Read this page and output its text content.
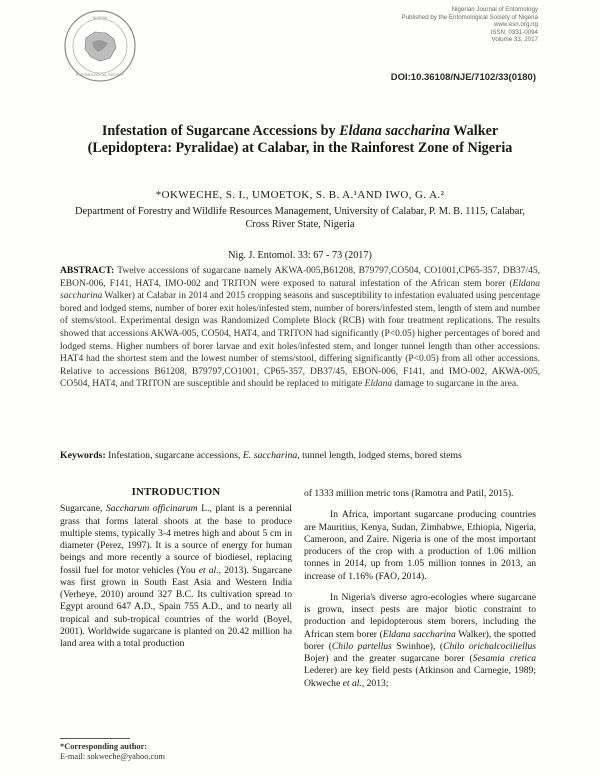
ENTOMOLOGICAL SOCIETY
NIGERIA
Nigerian Journal of Entomology
Published by the Entomological Society of Nigeria
www.esn.org.ng
ISSN: 0331-0094
Volume 33, 2017
DOI:10.36108/NJE/7102/33(0180)
Infestation of Sugarcane Accessions by Eldana saccharina Walker (Lepidoptera: Pyralidae) at Calabar, in the Rainforest Zone of Nigeria
*OKWECHE, S. I., UMOETOK, S. B. A.¹AND IWO, G. A.²
Department of Forestry and Wildlife Resources Management, University of Calabar, P. M. B. 1115, Calabar, Cross River State, Nigeria
Nig. J. Entomol. 33: 67 - 73 (2017)
ABSTRACT: Twelve accessions of sugarcane namely AKWA-005,B61208, B79797,CO504, CO1001,CP65-357, DB37/45, EBON-006, F141, HAT4, IMO-002 and TRITON were exposed to natural infestation of the African stem borer (Eldana saccharina Walker) at Calabar in 2014 and 2015 cropping seasons and susceptibility to infestation evaluated using percentage bored and lodged stems, number of borer exit holes/infested stem, number of borers/infested stem, length of stem and number of stems/stool. Experimental design was Randomized Complete Block (RCB) with four treatment replications. The results showed that accessions AKWA-005, CO504, HAT4, and TRITON had significantly (P<0.05) higher percentages of bored and lodged stems. Higher numbers of borer larvae and exit holes/infested stem, and longer tunnel length than other accessions. HAT4 had the shortest stem and the lowest number of stems/stool, differing significantly (P<0.05) from all other accessions. Relative to accessions B61208, B79797,CO1001, CP65-357, DB37/45, EBON-006, F141, and IMO-002, AKWA-005, CO504, HAT4, and TRITON are susceptible and should be replaced to mitigate Eldana damage to sugarcane in the area.
Keywords: Infestation, sugarcane accessions, E. saccharina, tunnel length, lodged stems, bored stems
INTRODUCTION

Sugarcane, Saccharum officinarum L., plant is a perennial grass that forms lateral shoots at the base to produce multiple stems, typically 3-4 metres high and about 5 cm in diameter (Perez, 1997). It is a source of energy for human beings and more recently a source of biodiesel, replacing fossil fuel for motor vehicles (You et al., 2013). Sugarcane was first grown in South East Asia and Western India (Verheye, 2010) around 327 B.C. Its cultivation spread to Egypt around 647 A.D., Spain 755 A.D., and to nearly all tropical and sub-tropical countries of the world (Boyel, 2001). Worldwide sugarcane is planted on 20.42 million ha land area with a total production

of 1333 million metric tons (Ramotra and Patil, 2015).

In Africa, important sugarcane producing countries are Mauritius, Kenya, Sudan, Zimbabwe, Ethiopia, Nigeria, Cameroon, and Zaire. Nigeria is one of the most important producers of the crop with a production of 1.06 million tonnes in 2014, up from 1.05 million tonnes in 2013, an increase of 1.16% (FAO, 2014).

In Nigeria's diverse agro-ecologies where sugarcane is grown, insect pests are major biotic constraint to production and lepidopterous stem borers, including the African stem borer (Eldana saccharina Walker), the spotted borer (Chilo partellus Swinhoe), (Chilo orichalcociliellus Bojer) and the greater sugarcane borer (Sesamia cretica Lederer) are key field pests (Atkinson and Carnegie, 1989; Okweche et al., 2013;

*Corresponding author:
E-mail: sokweche@yahoo.com
